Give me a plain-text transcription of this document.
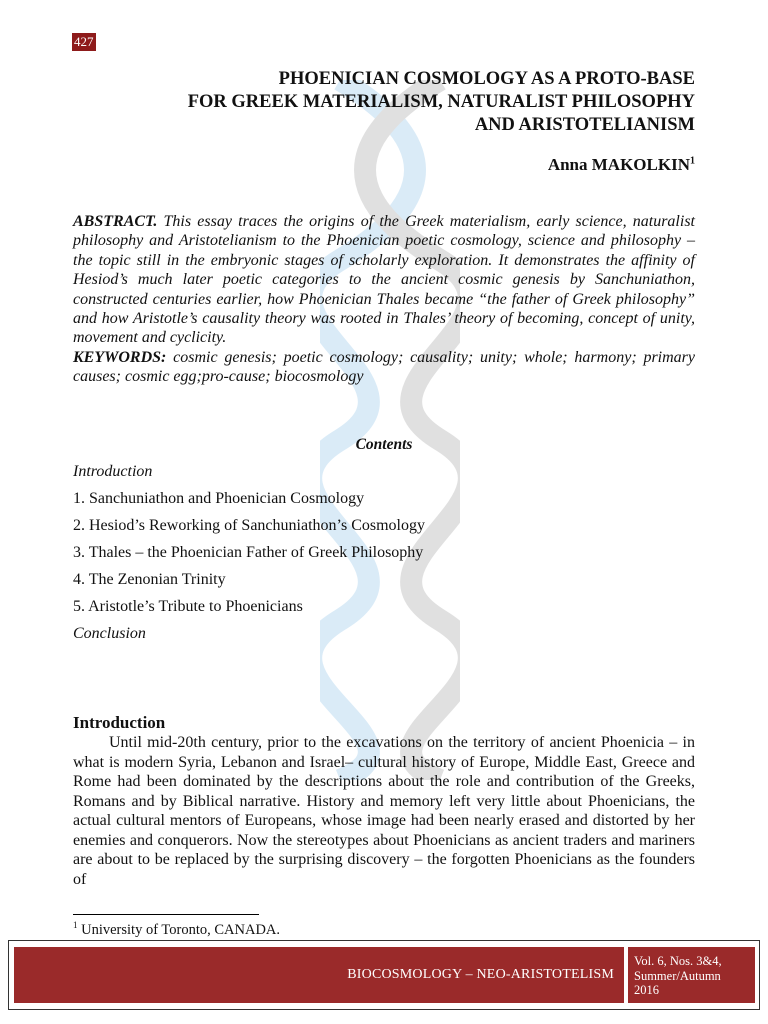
427
PHOENICIAN COSMOLOGY AS A PROTO-BASE
FOR GREEK MATERIALISM, NATURALIST PHILOSOPHY
AND ARISTOTELIANISM
Anna MAKOLKIN$^1$
ABSTRACT. This essay traces the origins of the Greek materialism, early science, naturalist philosophy and Aristotelianism to the Phoenician poetic cosmology, science and philosophy – the topic still in the embryonic stages of scholarly exploration. It demonstrates the affinity of Hesiod’s much later poetic categories to the ancient cosmic genesis by Sanchuniathon, constructed centuries earlier, how Phoenician Thales became “the father of Greek philosophy” and how Aristotle’s causality theory was rooted in Thales’ theory of becoming, concept of unity, movement and cyclicity.
KEYWORDS: cosmic genesis; poetic cosmology; causality; unity; whole; harmony; primary causes; cosmic egg;pro-cause; biocosmology
Contents
Introduction
1. Sanchuniathon and Phoenician Cosmology
2. Hesiod’s Reworking of Sanchuniathon’s Cosmology
3. Thales – the Phoenician Father of Greek Philosophy
4. The Zenonian Trinity
5. Aristotle’s Tribute to Phoenicians
Conclusion
Introduction
Until mid-20th century, prior to the excavations on the territory of ancient Phoenicia – in what is modern Syria, Lebanon and Israel– cultural history of Europe, Middle East, Greece and Rome had been dominated by the descriptions about the role and contribution of the Greeks, Romans and by Biblical narrative. History and memory left very little about Phoenicians, the actual cultural mentors of Europeans, whose image had been nearly erased and distorted by her enemies and conquerors. Now the stereotypes about Phoenicians as ancient traders and mariners are about to be replaced by the surprising discovery – the forgotten Phoenicians as the founders of
$^1$ University of Toronto, CANADA.
BIOCOSMOLOGY – NEO-ARISTOTELISM
Vol. 6, Nos. 3&4,
Summer/Autumn
2016
